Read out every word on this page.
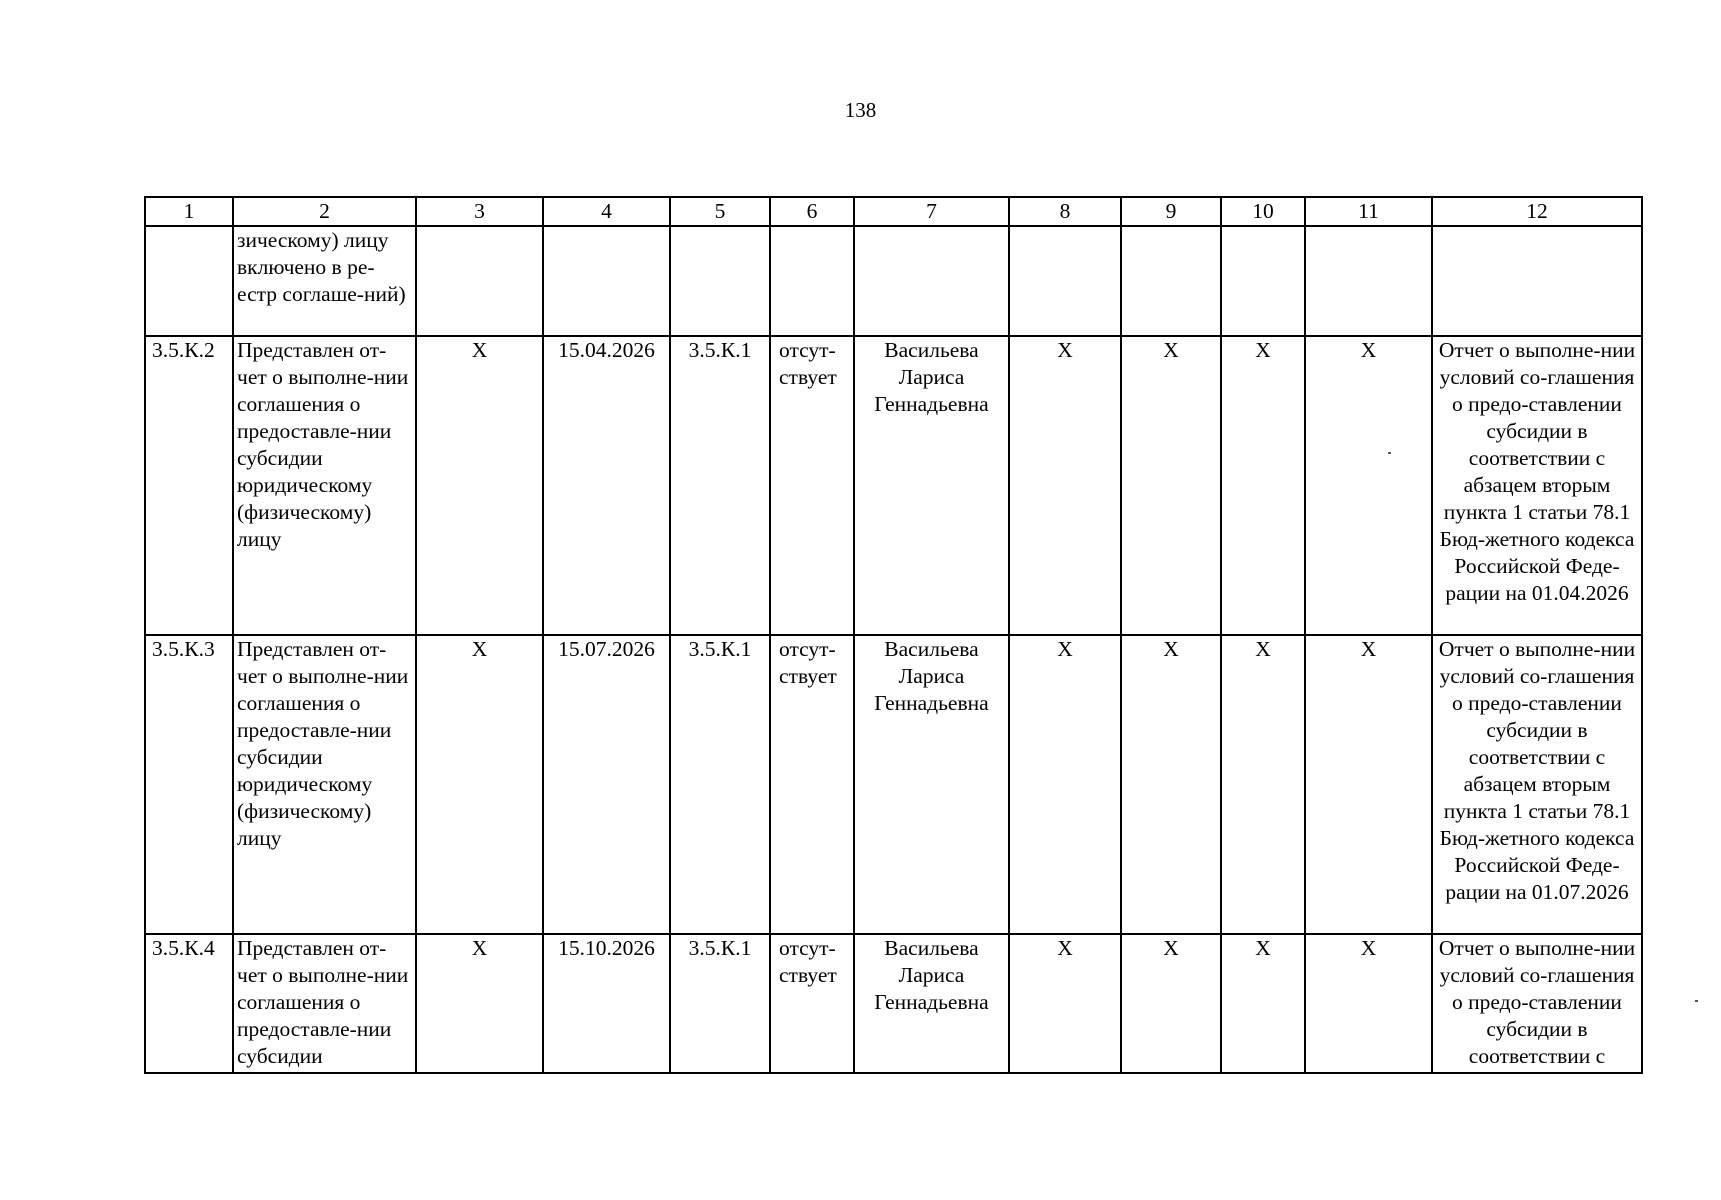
138
1	2	3	4	5	6	7	8	9	10	11	12
	зическому) лицу включено в ре-естр соглаше-ний)										
3.5.К.2	Представлен от-чет о выполне-нии соглашения о предоставле-нии субсидии юридическому (физическому) лицу	X	15.04.2026	3.5.К.1	отсут-ствует	Васильева Лариса Геннадьевна	X	X	X	X	Отчет о выполне-нии условий со-глашения о предо-ставлении субсидии в соответствии с абзацем вторым пункта 1 статьи 78.1 Бюд-жетного кодекса Российской Феде-рации на 01.04.2026
3.5.К.3	Представлен от-чет о выполне-нии соглашения о предоставле-нии субсидии юридическому (физическому) лицу	X	15.07.2026	3.5.К.1	отсут-ствует	Васильева Лариса Геннадьевна	X	X	X	X	Отчет о выполне-нии условий со-глашения о предо-ставлении субсидии в соответствии с абзацем вторым пункта 1 статьи 78.1 Бюд-жетного кодекса Российской Феде-рации на 01.07.2026
3.5.К.4	Представлен от-чет о выполне-нии соглашения о предоставле-нии субсидии	X	15.10.2026	3.5.К.1	отсут-ствует	Васильева Лариса Геннадьевна	X	X	X	X	Отчет о выполне-нии условий со-глашения о предо-ставлении субсидии в соответствии с
